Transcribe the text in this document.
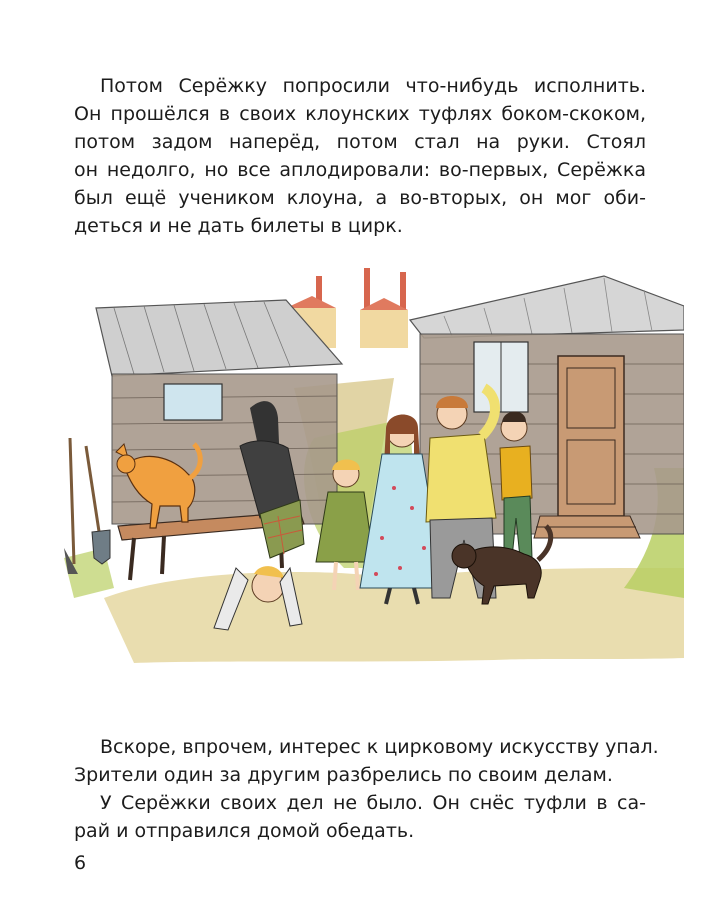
Потом Серёжку попросили что-нибудь исполнить.
Он прошёлся в своих клоунских туфлях боком-скоком,
потом задом наперёд, потом стал на руки. Стоял
он недолго, но все аплодировали: во-первых, Серёжка
был ещё учеником клоуна, а во-вторых, он мог оби-
деться и не дать билеты в цирк.

Вскоре, впрочем, интерес к цирковому искусству упал.
Зрители один за другим разбрелись по своим делам.

У Серёжки своих дел не было. Он снёс туфли в са-
рай и отправился домой обедать.

6
